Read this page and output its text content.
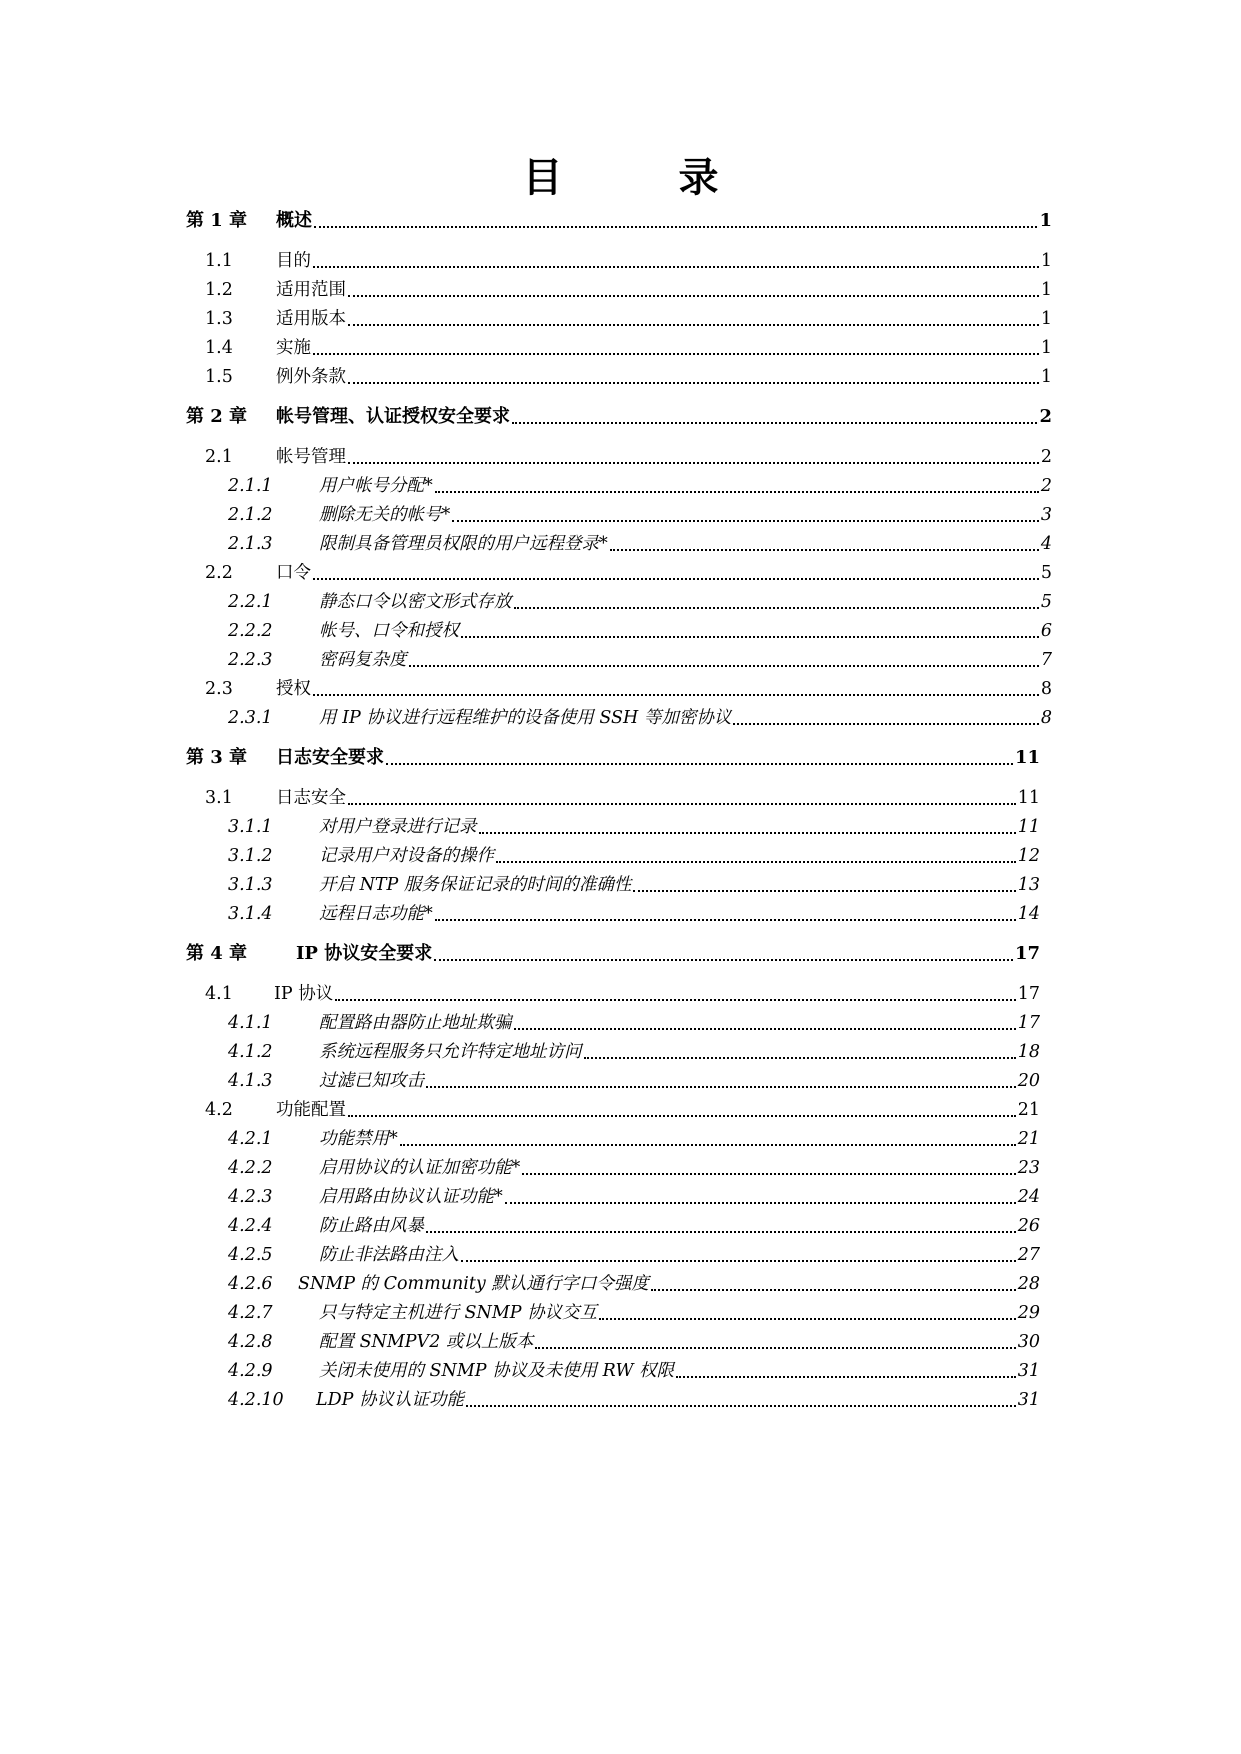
目　录
第 1 章	概述	1
1.1	目的	1
1.2	适用范围	1
1.3	适用版本	1
1.4	实施	1
1.5	例外条款	1
第 2 章	帐号管理、认证授权安全要求	2
2.1	帐号管理	2
2.1.1	用户帐号分配*	2
2.1.2	删除无关的帐号*	3
2.1.3	限制具备管理员权限的用户远程登录*	4
2.2	口令	5
2.2.1	静态口令以密文形式存放	5
2.2.2	帐号、口令和授权	6
2.2.3	密码复杂度	7
2.3	授权	8
2.3.1	用 IP 协议进行远程维护的设备使用 SSH 等加密协议	8
第 3 章	日志安全要求	11
3.1	日志安全	11
3.1.1	对用户登录进行记录	11
3.1.2	记录用户对设备的操作	12
3.1.3	开启 NTP 服务保证记录的时间的准确性	13
3.1.4	远程日志功能*	14
第 4 章	IP 协议安全要求	17
4.1	IP 协议	17
4.1.1	配置路由器防止地址欺骗	17
4.1.2	系统远程服务只允许特定地址访问	18
4.1.3	过滤已知攻击	20
4.2	功能配置	21
4.2.1	功能禁用*	21
4.2.2	启用协议的认证加密功能*	23
4.2.3	启用路由协议认证功能*	24
4.2.4	防止路由风暴	26
4.2.5	防止非法路由注入	27
4.2.6	SNMP 的 Community 默认通行字口令强度	28
4.2.7	只与特定主机进行 SNMP 协议交互	29
4.2.8	配置 SNMPV2 或以上版本	30
4.2.9	关闭未使用的 SNMP 协议及未使用 RW 权限	31
4.2.10	LDP 协议认证功能	31
